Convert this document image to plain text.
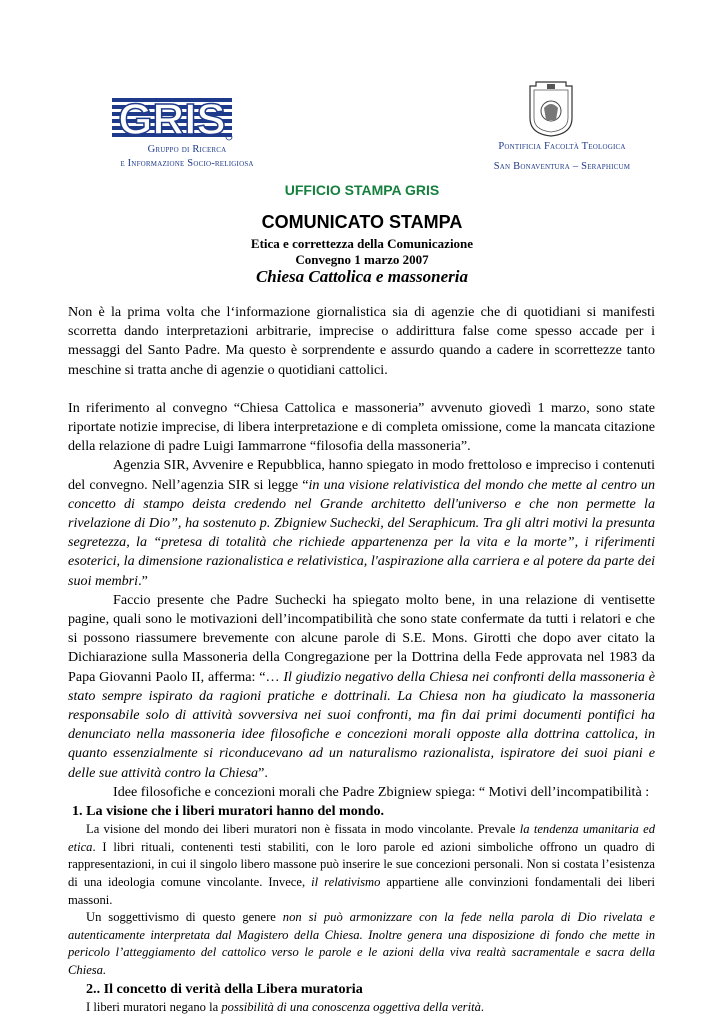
GRIS
Gruppo di Ricerca
e Informazione Socio-religiosa
Pontificia Facoltà Teologica
San Bonaventura – Seraphicum
UFFICIO STAMPA GRIS
COMUNICATO STAMPA
Etica e correttezza della Comunicazione
Convegno 1 marzo 2007
Chiesa Cattolica e massoneria

Non è la prima volta che l‘informazione giornalistica sia di agenzie che di quotidiani si manifesti scorretta dando interpretazioni arbitrarie, imprecise o addirittura false come spesso accade per i messaggi del Santo Padre. Ma questo è sorprendente e assurdo quando a cadere in scorrettezze tanto meschine si tratta anche di agenzie o quotidiani cattolici.

In riferimento al convegno “Chiesa Cattolica e massoneria” avvenuto giovedì 1 marzo, sono state riportate notizie imprecise, di libera interpretazione e di completa omissione, come la mancata citazione della relazione di padre Luigi Iammarrone “filosofia della massoneria”.

Agenzia SIR, Avvenire e Repubblica, hanno spiegato in modo frettoloso e impreciso i contenuti del convegno. Nell’agenzia SIR si legge “in una visione relativistica del mondo che mette al centro un concetto di stampo deista credendo nel Grande architetto dell'universo e che non permette la rivelazione di Dio”, ha sostenuto p. Zbigniew Suchecki, del Seraphicum. Tra gli altri motivi la presunta segretezza, la “pretesa di totalità che richiede appartenenza per la vita e la morte”, i riferimenti esoterici, la dimensione razionalistica e relativistica, l'aspirazione alla carriera e al potere da parte dei suoi membri.”

Faccio presente che Padre Suchecki ha spiegato molto bene, in una relazione di ventisette pagine, quali sono le motivazioni dell’incompatibilità che sono state confermate da tutti i relatori e che si possono riassumere brevemente con alcune parole di S.E. Mons. Girotti che dopo aver citato la Dichiarazione sulla Massoneria della Congregazione per la Dottrina della Fede approvata nel 1983 da Papa Giovanni Paolo II, afferma: “… Il giudizio negativo della Chiesa nei confronti della massoneria è stato sempre ispirato da ragioni pratiche e dottrinali. La Chiesa non ha giudicato la massoneria responsabile solo di attività sovversiva nei suoi confronti, ma fin dai primi documenti pontifici ha denunciato nella massoneria idee filosofiche e concezioni morali opposte alla dottrina cattolica, in quanto essenzialmente si riconducevano ad un naturalismo razionalista, ispiratore dei suoi piani e delle sue attività contro la Chiesa”.

Idee filosofiche e concezioni morali che Padre Zbigniew spiega: “ Motivi dell’incompatibilità :

1. La visione che i liberi muratori hanno del mondo.

La visione del mondo dei liberi muratori non è fissata in modo vincolante. Prevale la tendenza umanitaria ed etica. I libri rituali, contenenti testi stabiliti, con le loro parole ed azioni simboliche offrono un quadro di rappresentazioni, in cui il singolo libero massone può inserire le sue concezioni personali. Non si costata l’esistenza di una ideologia comune vincolante. Invece, il relativismo appartiene alle convinzioni fondamentali dei liberi massoni.

Un soggettivismo di questo genere non si può armonizzare con la fede nella parola di Dio rivelata e autenticamente interpretata dal Magistero della Chiesa. Inoltre genera una disposizione di fondo che mette in pericolo l’atteggiamento del cattolico verso le parole e le azioni della viva realtà sacramentale e sacra della Chiesa.

2.. Il concetto di verità della Libera muratoria

I liberi muratori negano la possibilità di una conoscenza oggettiva della verità.
